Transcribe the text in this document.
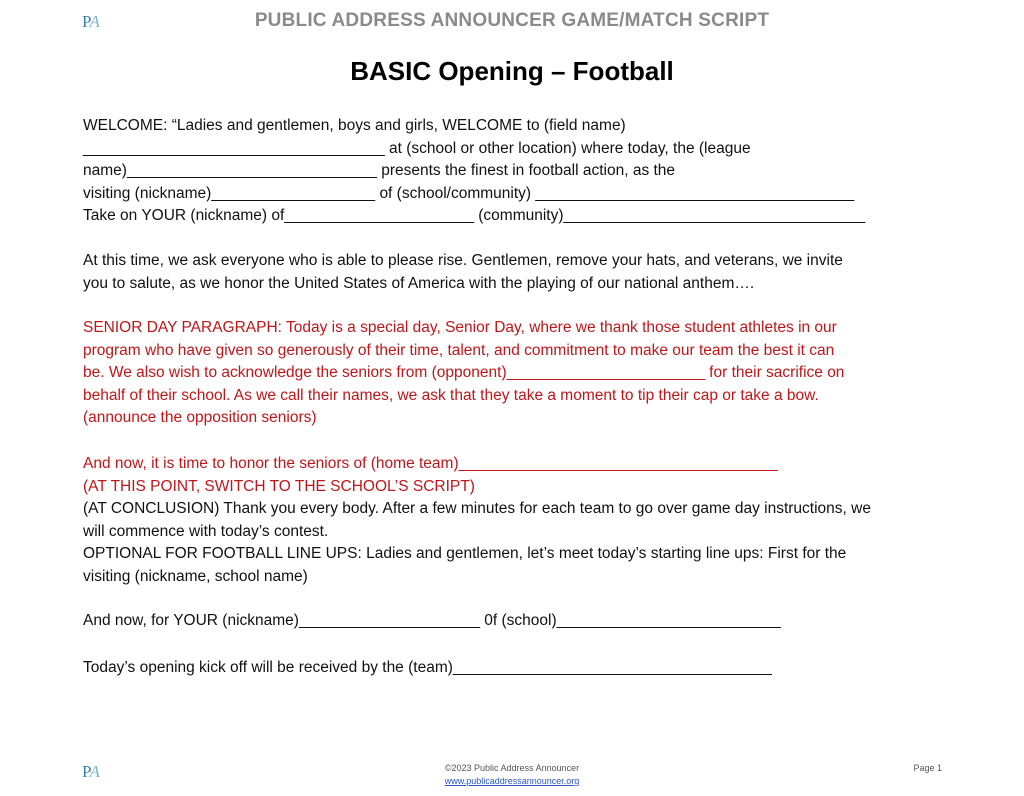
PA	PUBLIC ADDRESS ANNOUNCER GAME/MATCH SCRIPT
BASIC Opening – Football
WELCOME: “Ladies and gentlemen, boys and girls, WELCOME to (field name)
___________________________________ at (school or other location) where today, the (league
name)_____________________________ presents the finest in football action, as the
visiting (nickname)___________________ of (school/community) _____________________________________
Take on YOUR (nickname) of______________________ (community)___________________________________
At this time, we ask everyone who is able to please rise. Gentlemen, remove your hats, and veterans, we invite
you to salute, as we honor the United States of America with the playing of our national anthem….
SENIOR DAY PARAGRAPH: Today is a special day, Senior Day, where we thank those student athletes in our
program who have given so generously of their time, talent, and commitment to make our team the best it can
be. We also wish to acknowledge the seniors from (opponent)_______________________ for their sacrifice on
behalf of their school. As we call their names, we ask that they take a moment to tip their cap or take a bow.
(announce the opposition seniors)
And now, it is time to honor the seniors of (home team)_____________________________________
(AT THIS POINT, SWITCH TO THE SCHOOL’S SCRIPT)
(AT CONCLUSION) Thank you every body. After a few minutes for each team to go over game day instructions, we
will commence with today’s contest.
OPTIONAL FOR FOOTBALL LINE UPS: Ladies and gentlemen, let’s meet today’s starting line ups: First for the
visiting (nickname, school name)
And now, for YOUR (nickname)_____________________ 0f (school)__________________________
Today’s opening kick off will be received by the (team)_____________________________________
PA	©2023 Public Address Announcer
www.publicaddressannouncer.org
Page 1
